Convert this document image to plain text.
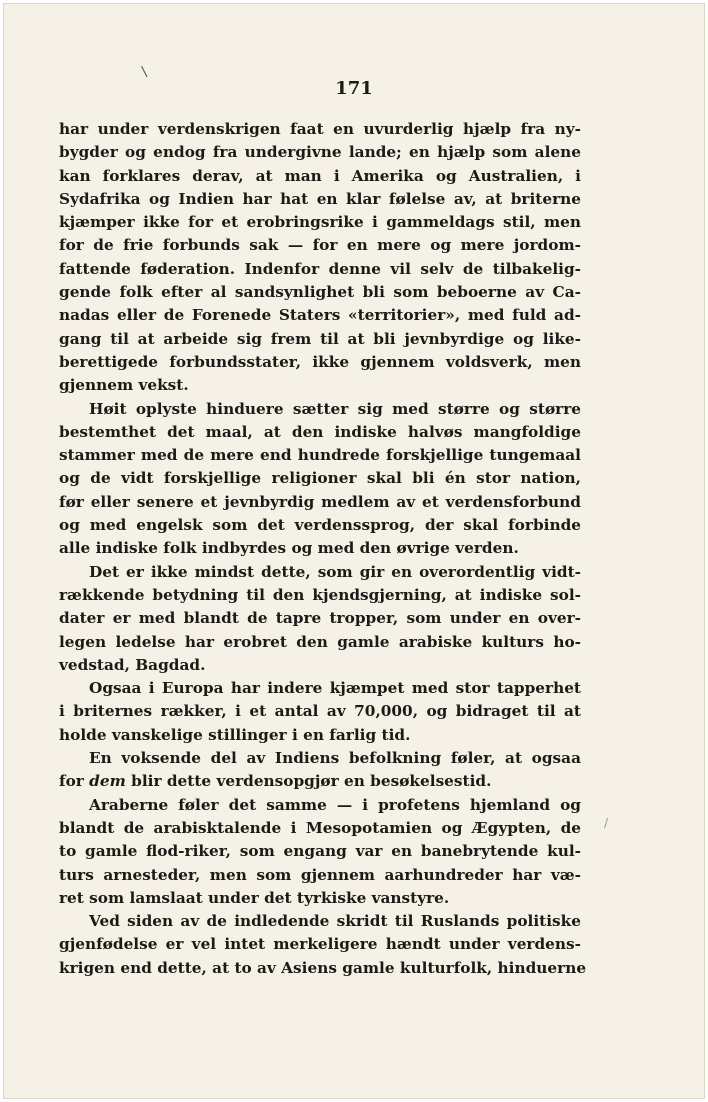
\
/
171
har under verdenskrigen faat en uvurderlig hjælp fra ny-
bygder og endog fra undergivne lande; en hjælp som alene
kan forklares derav, at man i Amerika og Australien, i
Sydafrika og Indien har hat en klar følelse av, at briterne
kjæmper ikke for et erobringsrike i gammeldags stil, men
for de frie forbunds sak — for en mere og mere jordom-
fattende føderation. Indenfor denne vil selv de tilbakelig-
gende folk efter al sandsynlighet bli som beboerne av Ca-
nadas eller de Forenede Staters «territorier», med fuld ad-
gang til at arbeide sig frem til at bli jevnbyrdige og like-
berettigede forbundsstater, ikke gjennem voldsverk, men
gjennem vekst.
Høit oplyste hinduere sætter sig med større og større
bestemthet det maal, at den indiske halvøs mangfoldige
stammer med de mere end hundrede forskjellige tungemaal
og de vidt forskjellige religioner skal bli én stor nation,
før eller senere et jevnbyrdig medlem av et verdensforbund
og med engelsk som det verdenssprog, der skal forbinde
alle indiske folk indbyrdes og med den øvrige verden.
Det er ikke mindst dette, som gir en overordentlig vidt-
rækkende betydning til den kjendsgjerning, at indiske sol-
dater er med blandt de tapre tropper, som under en over-
legen ledelse har erobret den gamle arabiske kulturs ho-
vedstad, Bagdad.
Ogsaa i Europa har indere kjæmpet med stor tapperhet
i briternes rækker, i et antal av 70,000, og bidraget til at
holde vanskelige stillinger i en farlig tid.
En voksende del av Indiens befolkning føler, at ogsaa
for dem blir dette verdensopgjør en besøkelsestid.
Araberne føler det samme — i profetens hjemland og
blandt de arabisktalende i Mesopotamien og Ægypten, de
to gamle flod-riker, som engang var en banebrytende kul-
turs arnesteder, men som gjennem aarhundreder har væ-
ret som lamslaat under det tyrkiske vanstyre.
Ved siden av de indledende skridt til Ruslands politiske
gjenfødelse er vel intet merkeligere hændt under verdens-
krigen end dette, at to av Asiens gamle kulturfolk, hinduerne
